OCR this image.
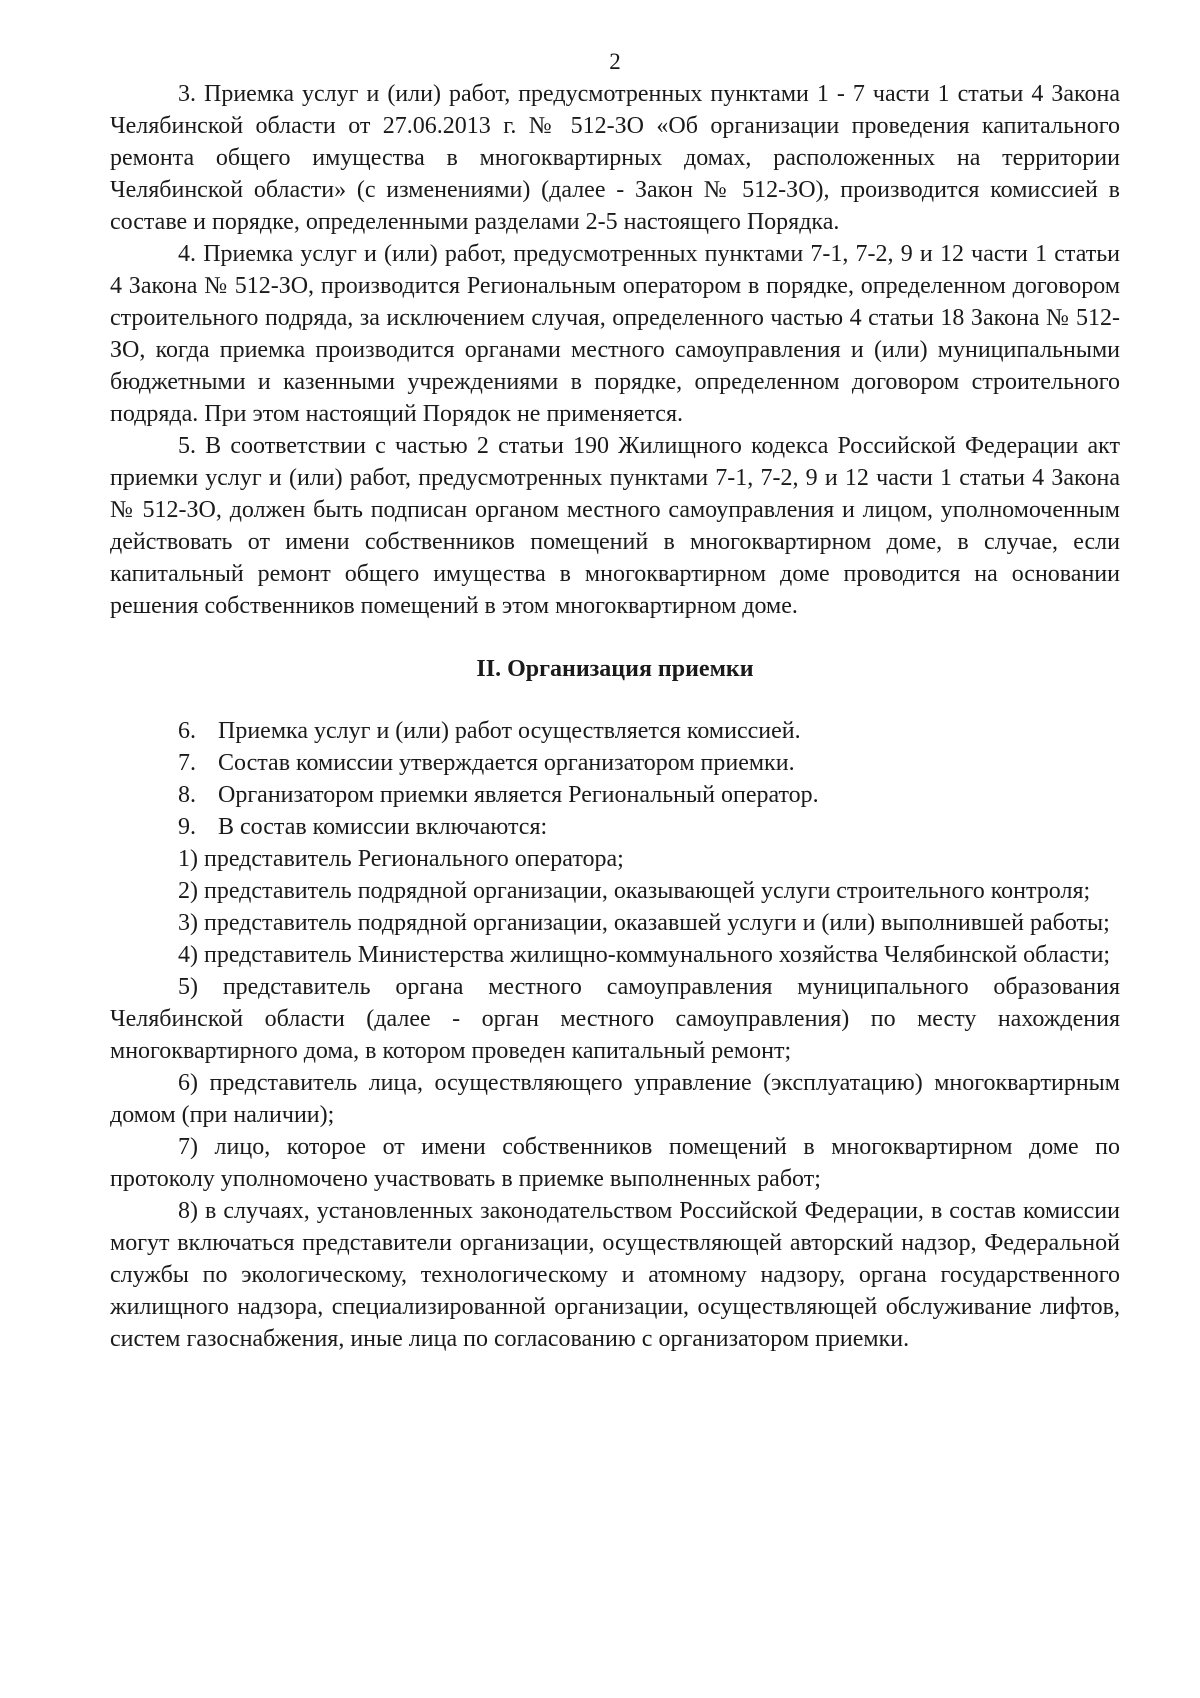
2

3. Приемка услуг и (или) работ, предусмотренных пунктами 1 - 7 части 1 статьи 4 Закона Челябинской области от 27.06.2013 г. № 512-ЗО «Об организации проведения капитального ремонта общего имущества в многоквартирных домах, расположенных на территории Челябинской области» (с изменениями) (далее - Закон № 512-ЗО), производится комиссией в составе и порядке, определенными разделами 2-5 настоящего Порядка.

4. Приемка услуг и (или) работ, предусмотренных пунктами 7-1, 7-2, 9 и 12 части 1 статьи 4 Закона № 512-ЗО, производится Региональным оператором в порядке, определенном договором строительного подряда, за исключением случая, определенного частью 4 статьи 18 Закона № 512-ЗО, когда приемка производится органами местного самоуправления и (или) муниципальными бюджетными и казенными учреждениями в порядке, определенном договором строительного подряда. При этом настоящий Порядок не применяется.

5. В соответствии с частью 2 статьи 190 Жилищного кодекса Российской Федерации акт приемки услуг и (или) работ, предусмотренных пунктами 7-1, 7-2, 9 и 12 части 1 статьи 4 Закона № 512-ЗО, должен быть подписан органом местного самоуправления и лицом, уполномоченным действовать от имени собственников помещений в многоквартирном доме, в случае, если капитальный ремонт общего имущества в многоквартирном доме проводится на основании решения собственников помещений в этом многоквартирном доме.

II. Организация приемки

6. Приемка услуг и (или) работ осуществляется комиссией.

7. Состав комиссии утверждается организатором приемки.

8. Организатором приемки является Региональный оператор.

9. В состав комиссии включаются:

1) представитель Регионального оператора;

2) представитель подрядной организации, оказывающей услуги строительного контроля;

3) представитель подрядной организации, оказавшей услуги и (или) выполнившей работы;

4) представитель Министерства жилищно-коммунального хозяйства Челябинской области;

5) представитель органа местного самоуправления муниципального образования Челябинской области (далее - орган местного самоуправления) по месту нахождения многоквартирного дома, в котором проведен капитальный ремонт;

6) представитель лица, осуществляющего управление (эксплуатацию) многоквартирным домом (при наличии);

7) лицо, которое от имени собственников помещений в многоквартирном доме по протоколу уполномочено участвовать в приемке выполненных работ;

8) в случаях, установленных законодательством Российской Федерации, в состав комиссии могут включаться представители организации, осуществляющей авторский надзор, Федеральной службы по экологическому, технологическому и атомному надзору, органа государственного жилищного надзора, специализированной организации, осуществляющей обслуживание лифтов, систем газоснабжения, иные лица по согласованию с организатором приемки.
